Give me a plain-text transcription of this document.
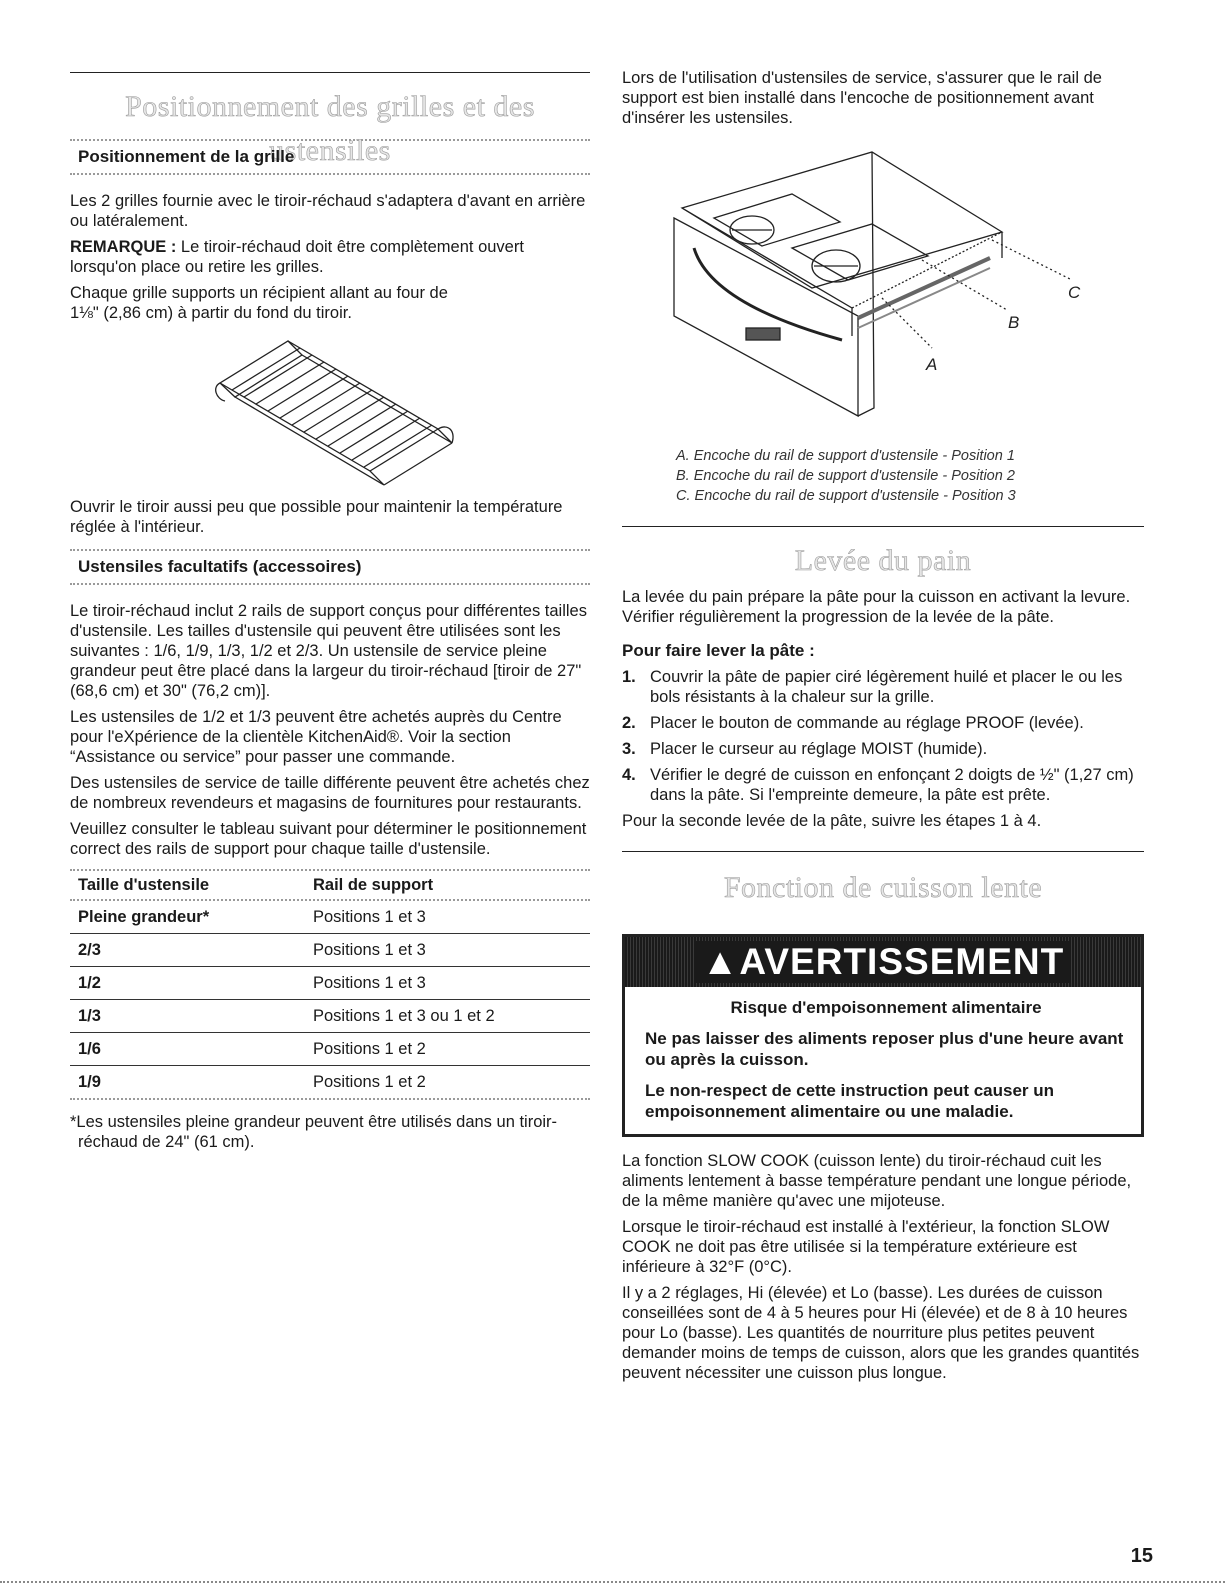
Positionnement des grilles et des ustensiles
Positionnement de la grille

Les 2 grilles fournie avec le tiroir-réchaud s'adaptera d'avant en arrière ou latéralement.

REMARQUE : Le tiroir-réchaud doit être complètement ouvert lorsqu'on place ou retire les grilles.

Chaque grille supports un récipient allant au four de

1⅛" (2,86 cm) à partir du fond du tiroir.

Ouvrir le tiroir aussi peu que possible pour maintenir la température réglée à l'intérieur.

Ustensiles facultatifs (accessoires)

Le tiroir-réchaud inclut 2 rails de support conçus pour différentes tailles d'ustensile. Les tailles d'ustensile qui peuvent être utilisées sont les suivantes : 1/6, 1/9, 1/3, 1/2 et 2/3. Un ustensile de service pleine grandeur peut être placé dans la largeur du tiroir-réchaud [tiroir de 27" (68,6 cm) et 30" (76,2 cm)].

Les ustensiles de 1/2 et 1/3 peuvent être achetés auprès du Centre pour l'eXpérience de la clientèle KitchenAid®. Voir la section “Assistance ou service” pour passer une commande.

Des ustensiles de service de taille différente peuvent être achetés chez de nombreux revendeurs et magasins de fournitures pour restaurants.

Veuillez consulter le tableau suivant pour déterminer le positionnement correct des rails de support pour chaque taille d'ustensile.

Taille d'ustensile	Rail de support
Pleine grandeur*	Positions 1 et 3
2/3	Positions 1 et 3
1/2	Positions 1 et 3
1/3	Positions 1 et 3 ou 1 et 2
1/6	Positions 1 et 2
1/9	Positions 1 et 2

*Les ustensiles pleine grandeur peuvent être utilisés dans un tiroir-réchaud de 24" (61 cm).

Lors de l'utilisation d'ustensiles de service, s'assurer que le rail de support est bien installé dans l'encoche de positionnement avant d'insérer les ustensiles.

A
B
C
A. Encoche du rail de support d'ustensile - Position 1
B. Encoche du rail de support d'ustensile - Position 2
C. Encoche du rail de support d'ustensile - Position 3
Levée du pain

La levée du pain prépare la pâte pour la cuisson en activant la levure. Vérifier régulièrement la progression de la levée de la pâte.

Pour faire lever la pâte :
1. Couvrir la pâte de papier ciré légèrement huilé et placer le ou les bols résistants à la chaleur sur la grille.
2. Placer le bouton de commande au réglage PROOF (levée).
3. Placer le curseur au réglage MOIST (humide).
4. Vérifier le degré de cuisson en enfonçant 2 doigts de ½" (1,27 cm) dans la pâte. Si l'empreinte demeure, la pâte est prête.

Pour la seconde levée de la pâte, suivre les étapes 1 à 4.

Fonction de cuisson lente
▲AVERTISSEMENT
Risque d'empoisonnement alimentaire
Ne pas laisser des aliments reposer plus d'une heure avant ou après la cuisson.
Le non-respect de cette instruction peut causer un empoisonnement alimentaire ou une maladie.

La fonction SLOW COOK (cuisson lente) du tiroir-réchaud cuit les aliments lentement à basse température pendant une longue période, de la même manière qu'avec une mijoteuse.

Lorsque le tiroir-réchaud est installé à l'extérieur, la fonction SLOW COOK ne doit pas être utilisée si la température extérieure est inférieure à 32°F (0°C).

Il y a 2 réglages, Hi (élevée) et Lo (basse). Les durées de cuisson conseillées sont de 4 à 5 heures pour Hi (élevée) et de 8 à 10 heures pour Lo (basse). Les quantités de nourriture plus petites peuvent demander moins de temps de cuisson, alors que les grandes quantités peuvent nécessiter une cuisson plus longue.

15
